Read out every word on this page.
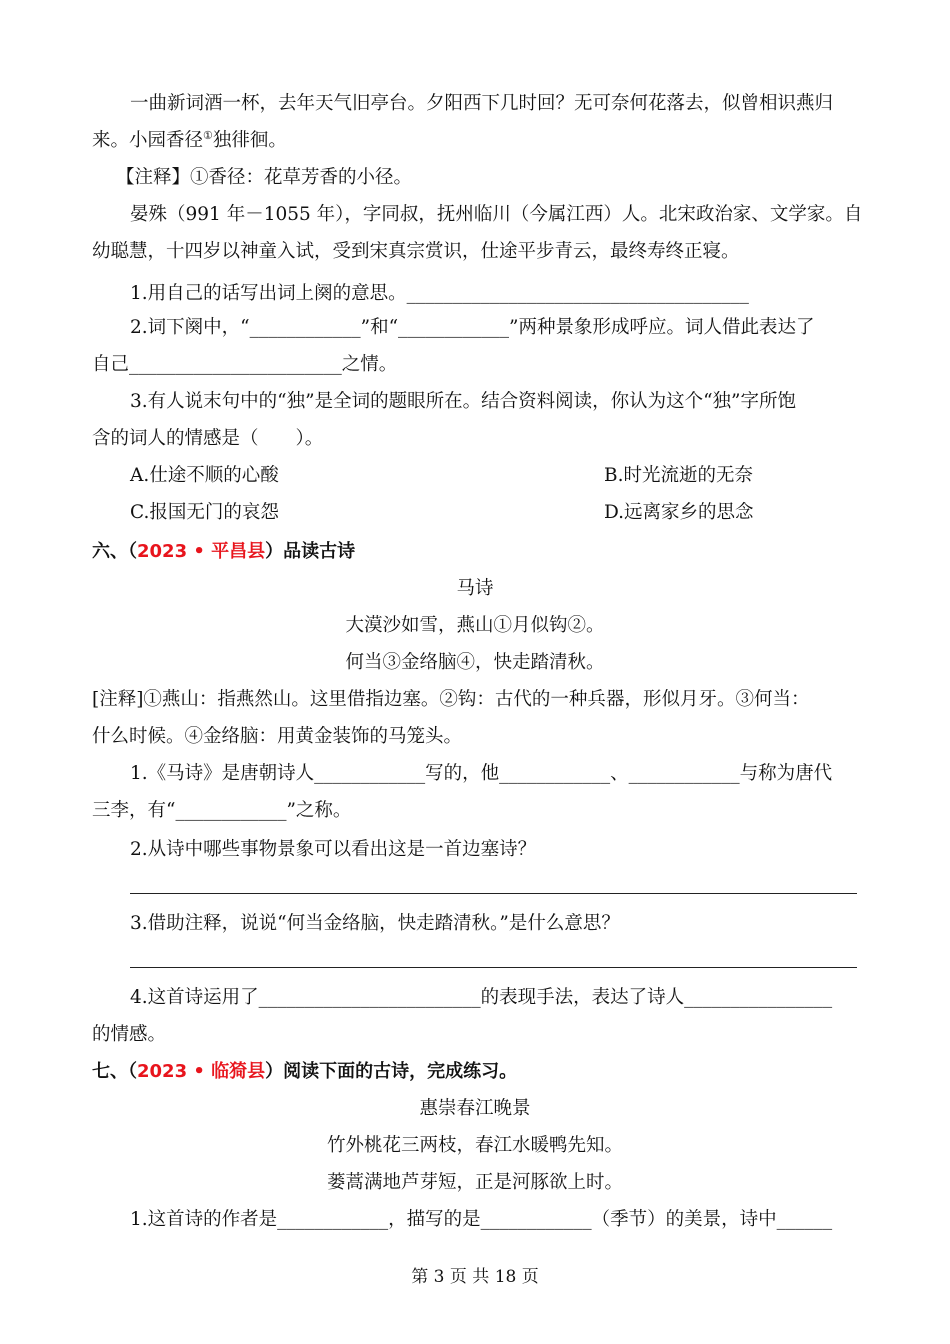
一曲新词酒一杯，去年天气旧亭台。夕阳西下几时回？无可奈何花落去，似曾相识燕归
来。小园香径①独徘徊。
【注释】①香径：花草芳香的小径。
晏殊（991 年－1055 年），字同叔，抚州临川（今属江西）人。北宋政治家、文学家。自
幼聪慧，十四岁以神童入试，受到宋真宗赏识，仕途平步青云，最终寿终正寝。
1.用自己的话写出词上阕的意思。_____________________________________
2.词下阕中，“____________”和“____________”两种景象形成呼应。词人借此表达了
自己_______________________之情。
3.有人说末句中的“独”是全词的题眼所在。结合资料阅读，你认为这个“独”字所饱
含的词人的情感是（　　）。
A.仕途不顺的心酸	B.时光流逝的无奈
C.报国无门的哀怨	D.远离家乡的思念
六、（2023 • 平昌县）品读古诗
马诗
大漠沙如雪，燕山①月似钩②。
何当③金络脑④，快走踏清秋。
[注释]①燕山：指燕然山。这里借指边塞。②钩：古代的一种兵器，形似月牙。③何当：
什么时候。④金络脑：用黄金装饰的马笼头。
1.《马诗》是唐朝诗人____________写的，他____________、____________与称为唐代
三李，有“____________”之称。
2.从诗中哪些事物景象可以看出这是一首边塞诗？
3.借助注释，说说“何当金络脑，快走踏清秋。”是什么意思？
4.这首诗运用了________________________的表现手法，表达了诗人________________
的情感。
七、（2023 • 临猗县）阅读下面的古诗，完成练习。
惠崇春江晚景
竹外桃花三两枝，春江水暖鸭先知。
蒌蒿满地芦芽短，正是河豚欲上时。
1.这首诗的作者是____________，描写的是____________（季节）的美景，诗中______
第 3 页 共 18 页
